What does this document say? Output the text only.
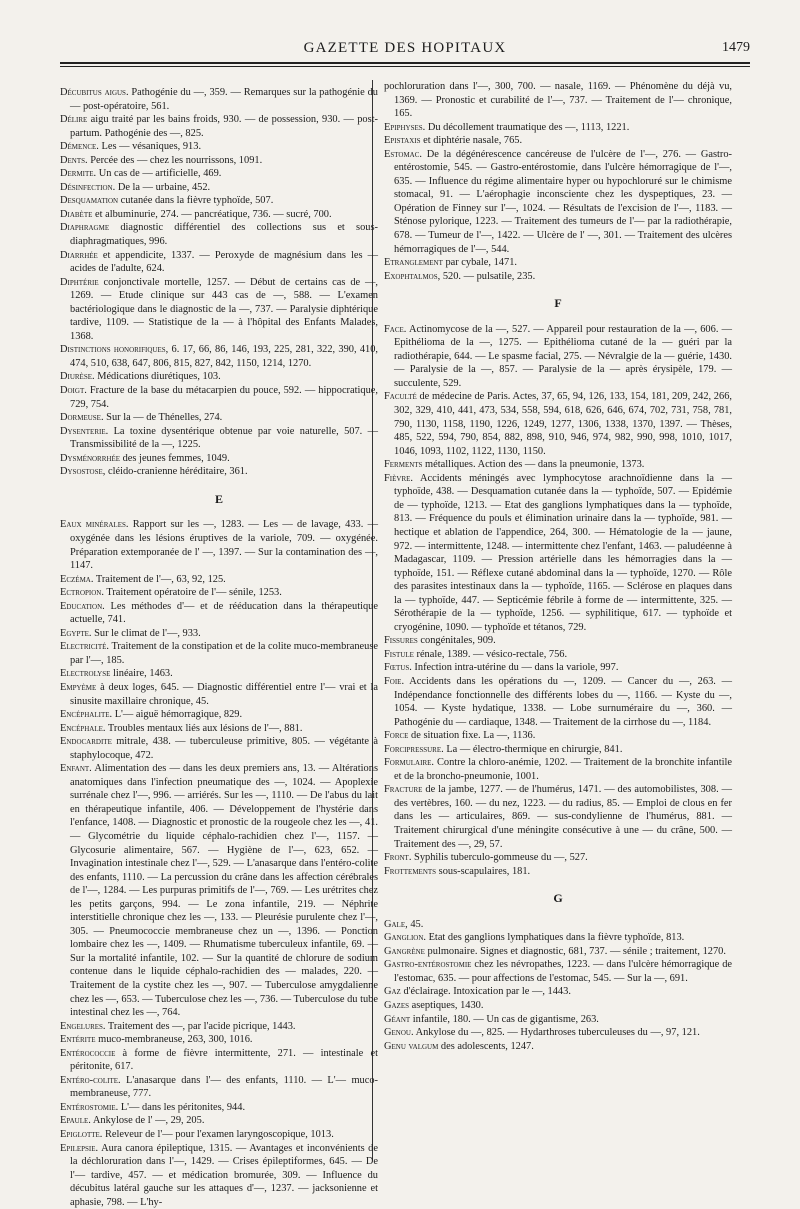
GAZETTE DES HOPITAUX	1479

Décubitus aigus. Pathogénie du —, 359. — Remarques sur la pathogénie du — post-opératoire, 561.

Délire aigu traité par les bains froids, 930. — de possession, 930. — post-partum. Pathogénie des —, 825.

Démence. Les — vésaniques, 913.

Dents. Percée des — chez les nourrissons, 1091.

Dermite. Un cas de — artificielle, 469.

Désinfection. De la — urbaine, 452.

Desquamation cutanée dans la fièvre typhoïde, 507.

Diabète et albuminurie, 274. — pancréatique, 736. — sucré, 700.

Diaphragme diagnostic différentiel des collections sus et sous-diaphragmatiques, 996.

Diarrhée et appendicite, 1337. — Peroxyde de magnésium dans les — acides de l'adulte, 624.

Diphtérie conjonctivale mortelle, 1257. — Début de certains cas de —, 1269. — Etude clinique sur 443 cas de —, 588. — L'examen bactériologique dans le diagnostic de la —, 737. — Paralysie diphtérique tardive, 1109. — Statistique de la — à l'hôpital des Enfants Malades, 1368.

Distinctions honorifiques, 6. 17, 66, 86, 146, 193, 225, 281, 322, 390, 410, 474, 510, 638, 647, 806, 815, 827, 842, 1150, 1214, 1270.

Diurèse. Médications diurétiques, 103.

Doigt. Fracture de la base du métacarpien du pouce, 592. — hippocratique, 729, 754.

Dormeuse. Sur la — de Thénelles, 274.

Dysenterie. La toxine dysentérique obtenue par voie naturelle, 507. — Transmissibilité de la —, 1225.

Dysménorrhée des jeunes femmes, 1049.

Dysostose, cléido-cranienne héréditaire, 361.

E

Eaux minérales. Rapport sur les —, 1283. — Les — de lavage, 433. — oxygénée dans les lésions éruptives de la variole, 709. — oxygénée. Préparation extemporanée de l' —, 1397. — Sur la contamination des —, 1147.

Eczéma. Traitement de l'—, 63, 92, 125.

Ectropion. Traitement opératoire de l'— sénile, 1253.

Education. Les méthodes d'— et de rééducation dans la thérapeutique actuelle, 741.

Egypte. Sur le climat de l'—, 933.

Electricité. Traitement de la constipation et de la colite muco-membraneuse par l'—, 185.

Electrolyse linéaire, 1463.

Empyème à deux loges, 645. — Diagnostic différentiel entre l'— vrai et la sinusite maxillaire chronique, 45.

Encéphalite. L'— aiguë hémorragique, 829.

Encéphale. Troubles mentaux liés aux lésions de l'—, 881.

Endocardite mitrale, 438. — tuberculeuse primitive, 805. — végétante à staphylocoque, 472.

Enfant. Alimentation des — dans les deux premiers ans, 13. — Altérations anatomiques dans l'infection pneumatique des —, 1024. — Apoplexie surrénale chez l'—, 996. — arriérés. Sur les —, 1110. — De l'abus du lait en thérapeutique infantile, 406. — Développement de l'hystérie dans l'enfance, 1408. — Diagnostic et pronostic de la rougeole chez les —, 41. — Glycométrie du liquide céphalo-rachidien chez l'—, 1157. — Glycosurie alimentaire, 567. — Hygiène de l'—, 623, 652. — Invagination intestinale chez l'—, 529. — L'anasarque dans l'entéro-colite des enfants, 1110. — La percussion du crâne dans les affection cérébrales de l'—, 1284. — Les purpuras primitifs de l'—, 769. — Les urétrites chez les petits garçons, 994. — Le zona infantile, 219. — Néphrite interstitielle chronique chez les —, 133. — Pleurésie purulente chez l'—, 305. — Pneumococcie membraneuse chez un —, 1396. — Ponction lombaire chez les —, 1409. — Rhumatisme tuberculeux infantile, 69. — Sur la mortalité infantile, 102. — Sur la quantité de chlorure de sodium contenue dans le liquide céphalo-rachidien des — malades, 220. — Traitement de la cystite chez les —, 907. — Tuberculose amygdalienne chez les —, 653. — Tuberculose chez les —, 736. — Tuberculose du tube intestinal chez les —, 764.

Engelures. Traitement des —, par l'acide picrique, 1443.

Entérite muco-membraneuse, 263, 300, 1016.

Entérococcie à forme de fièvre intermittente, 271. — intestinale et péritonite, 617.

Entéro-colite. L'anasarque dans l'— des enfants, 1110. — L'— muco-membraneuse, 777.

Entérostomie. L'— dans les péritonites, 944.

Epaule. Ankylose de l' —, 29, 205.

Epiglotte. Releveur de l'— pour l'examen laryngoscopique, 1013.

Epilepsie. Aura canora épileptique, 1315. — Avantages et inconvénients de la déchloruration dans l'—, 1429. — Crises épileptiformes, 645. — De l'— tardive, 457. — et médication bromurée, 309. — Influence du décubitus latéral gauche sur les attaques d'—, 1237. — jacksonienne et aphasie, 798. — L'hy-

pochloruration dans l'—, 300, 700. — nasale, 1169. — Phénomène du déjà vu, 1369. — Pronostic et curabilité de l'—, 737. — Traitement de l'— chronique, 165.

Epiphyses. Du décollement traumatique des —, 1113, 1221.

Epistaxis et diphtérie nasale, 765.

Estomac. De la dégénérescence cancéreuse de l'ulcère de l'—, 276. — Gastro-entérostomie, 545. — Gastro-entérostomie, dans l'ulcère hémorragique de l'—, 635. — Influence du régime alimentaire hyper ou hypochloruré sur le chimisme stomacal, 91. — L'aérophagie inconsciente chez les dyspeptiques, 23. — Opération de Finney sur l'—, 1024. — Résultats de l'excision de l'—, 1183. — Sténose pylorique, 1223. — Traitement des tumeurs de l'— par la radiothérapie, 678. — Tumeur de l'—, 1422. — Ulcère de l' —, 301. — Traitement des ulcères hémorragiques de l'—, 544.

Etranglement par cybale, 1471.

Exophtalmos, 520. — pulsatile, 235.

F

Face. Actinomycose de la —, 527. — Appareil pour restauration de la —, 606. — Epithélioma de la —, 1275. — Epithélioma cutané de la — guéri par la radiothérapie, 644. — Le spasme facial, 275. — Névralgie de la — guérie, 1430. — Paralysie de la —, 857. — Paralysie de la — après érysipèle, 179. — succulente, 529.

Faculté de médecine de Paris. Actes, 37, 65, 94, 126, 133, 154, 181, 209, 242, 266, 302, 329, 410, 441, 473, 534, 558, 594, 618, 626, 646, 674, 702, 731, 758, 781, 790, 1130, 1158, 1190, 1226, 1249, 1277, 1306, 1338, 1370, 1397. — Thèses, 485, 522, 594, 790, 854, 882, 898, 910, 946, 974, 982, 990, 998, 1010, 1017, 1046, 1093, 1102, 1122, 1130, 1150.

Ferments métalliques. Action des — dans la pneumonie, 1373.

Fièvre. Accidents méningés avec lymphocytose arachnoïdienne dans la — typhoïde, 438. — Desquamation cutanée dans la — typhoïde, 507. — Epidémie de — typhoïde, 1213. — Etat des ganglions lymphatiques dans la — typhoïde, 813. — Fréquence du pouls et élimination urinaire dans la — typhoïde, 981. — hectique et ablation de l'appendice, 264, 300. — Hématologie de la — jaune, 972. — intermittente, 1248. — intermittente chez l'enfant, 1463. — paludéenne à Madagascar, 1109. — Pression artérielle dans les hémorragies dans la — typhoïde, 151. — Réflexe cutané abdominal dans la — typhoïde, 1270. — Rôle des parasites intestinaux dans la — typhoïde, 1165. — Sclérose en plaques dans la — typhoïde, 447. — Septicémie fébrile à forme de — intermittente, 325. — Sérothérapie de la — typhoïde, 1256. — syphilitique, 617. — typhoïde et cryogénine, 1090. — typhoïde et tétanos, 729.

Fissures congénitales, 909.

Fistule rénale, 1389. — vésico-rectale, 756.

Fœtus. Infection intra-utérine du — dans la variole, 997.

Foie. Accidents dans les opérations du —, 1209. — Cancer du —, 263. — Indépendance fonctionnelle des différents lobes du —, 1166. — Kyste du —, 1054. — Kyste hydatique, 1338. — Lobe surnuméraire du —, 360. — Pathogénie du — cardiaque, 1348. — Traitement de la cirrhose du —, 1184.

Force de situation fixe. La —, 1136.

Forcipressure. La — électro-thermique en chirurgie, 841.

Formulaire. Contre la chloro-anémie, 1202. — Traitement de la bronchite infantile et de la broncho-pneumonie, 1001.

Fracture de la jambe, 1277. — de l'humérus, 1471. — des automobilistes, 308. — des vertèbres, 160. — du nez, 1223. — du radius, 85. — Emploi de clous en fer dans les — articulaires, 869. — sus-condylienne de l'humérus, 881. — Traitement chirurgical d'une méningite consécutive à une — du crâne, 500. — Traitement des —, 29, 57.

Front. Syphilis tuberculo-gommeuse du —, 527.

Frottements sous-scapulaires, 181.

G

Gale, 45.

Ganglion. Etat des ganglions lymphatiques dans la fièvre typhoïde, 813.

Gangrène pulmonaire. Signes et diagnostic, 681, 737. — sénile ; traitement, 1270.

Gastro-entérostomie chez les névropathes, 1223. — dans l'ulcère hémorragique de l'estomac, 635. — pour affections de l'estomac, 545. — Sur la —, 691.

Gaz d'éclairage. Intoxication par le —, 1443.

Gazes aseptiques, 1430.

Géant infantile, 180. — Un cas de gigantisme, 263.

Genou. Ankylose du —, 825. — Hydarthroses tuberculeuses du —, 97, 121.

Genu valgum des adolescents, 1247.
